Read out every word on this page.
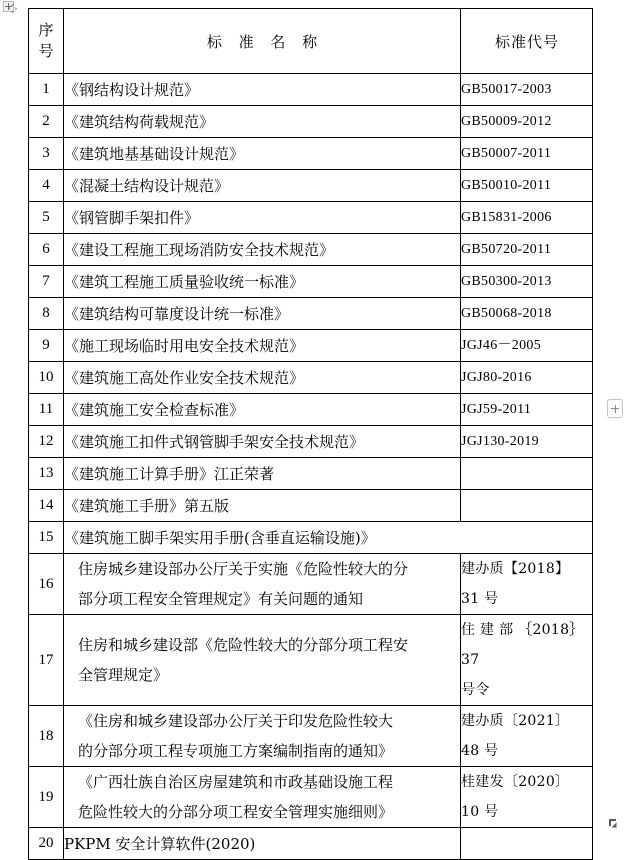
序
号	标 准 名 称	标准代号
1	《钢结构设计规范》	GB50017-2003
2	《建筑结构荷载规范》	GB50009-2012
3	《建筑地基基础设计规范》	GB50007-2011
4	《混凝土结构设计规范》	GB50010-2011
5	《钢管脚手架扣件》	GB15831-2006
6	《建设工程施工现场消防安全技术规范》	GB50720-2011
7	《建筑工程施工质量验收统一标准》	GB50300-2013
8	《建筑结构可靠度设计统一标准》	GB50068-2018
9	《施工现场临时用电安全技术规范》	JGJ46－2005
10	《建筑施工高处作业安全技术规范》	JGJ80-2016
11	《建筑施工安全检查标准》	JGJ59-2011
12	《建筑施工扣件式钢管脚手架安全技术规范》	JGJ130-2019
13	《建筑施工计算手册》江正荣著	
14	《建筑施工手册》第五版	
15	《建筑施工脚手架实用手册(含垂直运输设施)》	
16	住房城乡建设部办公厅关于实施《危险性较大的分
部分项工程安全管理规定》有关问题的通知	建办质【2018】
31 号

17	住房和城乡建设部《危险性较大的分部分项工程安
全管理规定》	住 建 部 ｛2018｝37
号令

18	《住房和城乡建设部办公厅关于印发危险性较大
的分部分项工程专项施工方案编制指南的通知》	建办质〔2021〕
48 号

19	《广西壮族自治区房屋建筑和市政基础设施工程
危险性较大的分部分项工程安全管理实施细则》	桂建发〔2020〕
10 号

20	PKPM 安全计算软件(2020)	
